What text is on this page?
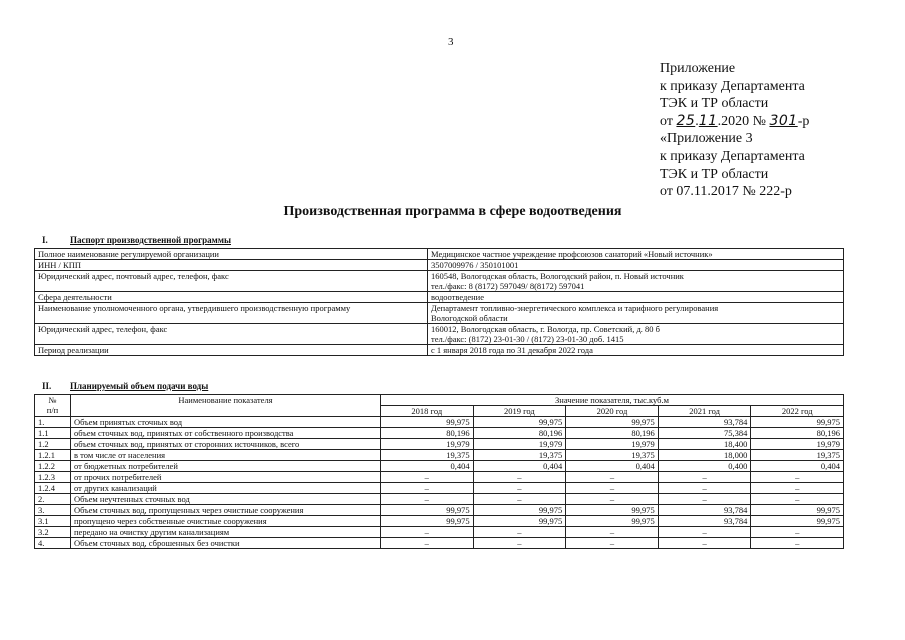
3
Приложение
к приказу Департамента
ТЭК и ТР области
от 25.11.2020 № 301-р
«Приложение 3
к приказу Департамента
ТЭК и ТР области
от 07.11.2017 № 222-р
Производственная программа в сфере водоотведения
I. Паспорт производственной программы
Полное наименование регулируемой организации	Медицинское частное учреждение профсоюзов санаторий «Новый источник»

ИНН / КПП	3507009976 / 350101001

Юридический адрес, почтовый адрес, телефон, факс	160548, Вологодская область, Вологодский район, п. Новый источник
тел./факс: 8 (8172) 597049/ 8(8172) 597041

Сфера деятельности	водоотведение

Наименование уполномоченного органа, утвердившего производственную программу	Департамент топливно-энергетического комплекса и тарифного регулирования
Вологодской области

Юридический адрес, телефон, факс	160012, Вологодская область, г. Вологда, пр. Советский, д. 80 б
тел./факс: (8172) 23-01-30 / (8172) 23-01-30 доб. 1415

Период реализации	с 1 января 2018 года по 31 декабря 2022 года
II. Планируемый объем подачи воды
№
п/п	Наименование показателя	Значение показателя, тыс.куб.м				
		2018 год	2019 год	2020 год	2021 год	2022 год
1.	Объем принятых сточных вод	99,975	99,975	99,975	93,784	99,975
1.1	объем сточных вод, принятых от собственного производства	80,196	80,196	80,196	75,384	80,196
1.2	объем сточных вод, принятых от сторонних источников, всего	19,979	19,979	19,979	18,400	19,979
1.2.1	в том числе от населения	19,375	19,375	19,375	18,000	19,375
1.2.2	от бюджетных потребителей	0,404	0,404	0,404	0,400	0,404
1.2.3	от прочих потребителей	–	–	–	–	–
1.2.4	от других канализаций	–	–	–	–	–
2.	Объем неучтенных сточных вод	–	–	–	–	–
3.	Объем сточных вод, пропущенных через очистные сооружения	99,975	99,975	99,975	93,784	99,975
3.1	пропущено через собственные очистные сооружения	99,975	99,975	99,975	93,784	99,975
3.2	передано на очистку другим канализациям	–	–	–	–	–
4.	Объем сточных вод, сброшенных без очистки	–	–	–	–	–
